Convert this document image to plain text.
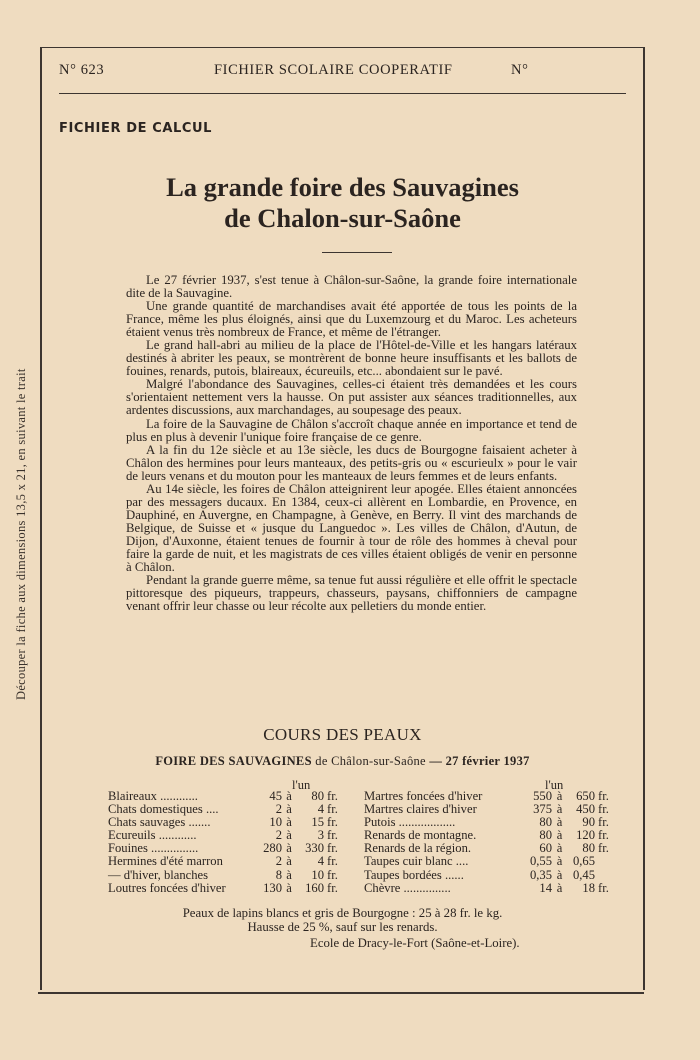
Découper la fiche aux dimensions 13,5 x 21, en suivant le trait
N° 623	FICHIER SCOLAIRE COOPERATIF	N°
FICHIER DE CALCUL
La grande foire des Sauvagines
de Chalon-sur-Saône

Le 27 février 1937, s'est tenue à Châlon-sur-Saône, la grande foire internationale dite de la Sauvagine.

Une grande quantité de marchandises avait été apportée de tous les points de la France, même les plus éloignés, ainsi que du Luxemzourg et du Maroc. Les acheteurs étaient venus très nombreux de France, et même de l'étranger.

Le grand hall-abri au milieu de la place de l'Hôtel-de-Ville et les hangars latéraux destinés à abriter les peaux, se montrèrent de bonne heure insuffisants et les ballots de fouines, renards, putois, blaireaux, écureuils, etc... abondaient sur le pavé.

Malgré l'abondance des Sauvagines, celles-ci étaient très demandées et les cours s'orientaient nettement vers la hausse. On put assister aux séances traditionnelles, aux ardentes discussions, aux marchandages, au soupesage des peaux.

La foire de la Sauvagine de Châlon s'accroît chaque année en importance et tend de plus en plus à devenir l'unique foire française de ce genre.

A la fin du 12e siècle et au 13e siècle, les ducs de Bourgogne faisaient acheter à Châlon des hermines pour leurs manteaux, des petits-gris ou « escurieulx » pour le vair de leurs venans et du mouton pour les manteaux de leurs femmes et de leurs enfants.

Au 14e siècle, les foires de Châlon atteignirent leur apogée. Elles étaient annoncées par des messagers ducaux. En 1384, ceux-ci allèrent en Lombardie, en Provence, en Dauphiné, en Auvergne, en Champagne, à Genève, en Berry. Il vint des marchands de Belgique, de Suisse et « jusque du Languedoc ». Les villes de Châlon, d'Autun, de Dijon, d'Auxonne, étaient tenues de fournir à tour de rôle des hommes à cheval pour faire la garde de nuit, et les magistrats de ces villes étaient obligés de venir en personne à Châlon.

Pendant la grande guerre même, sa tenue fut aussi régulière et elle offrit le spectacle pittoresque des piqueurs, trappeurs, chasseurs, paysans, chiffonniers de campagne venant offrir leur chasse ou leur récolte aux pelletiers du monde entier.

COURS DES PEAUX
FOIRE DES SAUVAGINES de Châlon-sur-Saône — 27 février 1937
l'un	l'un
Blaireaux ............	45	à	80	fr.
Chats domestiques ....	2	à	4	fr.
Chats sauvages .......	10	à	15	fr.
Ecureuils ............	2	à	3	fr.
Fouines ...............	280	à	330	fr.
Hermines d'été marron	2	à	4	fr.
— d'hiver, blanches	8	à	10	fr.
Loutres foncées d'hiver	130	à	160	fr.
Martres foncées d'hiver	550	à	650	fr.
Martres claires d'hiver	375	à	450	fr.
Putois ..................	80	à	90	fr.
Renards de montagne.	80	à	120	fr.
Renards de la région.	60	à	80	fr.
Taupes cuir blanc ....	0,55	à	0,65	
Taupes bordées ......	0,35	à	0,45	
Chèvre ...............	14	à	18	fr.
Peaux de lapins blancs et gris de Bourgogne : 25 à 28 fr. le kg.
Hausse de 25 %, sauf sur les renards.
Ecole de Dracy-le-Fort (Saône-et-Loire).
